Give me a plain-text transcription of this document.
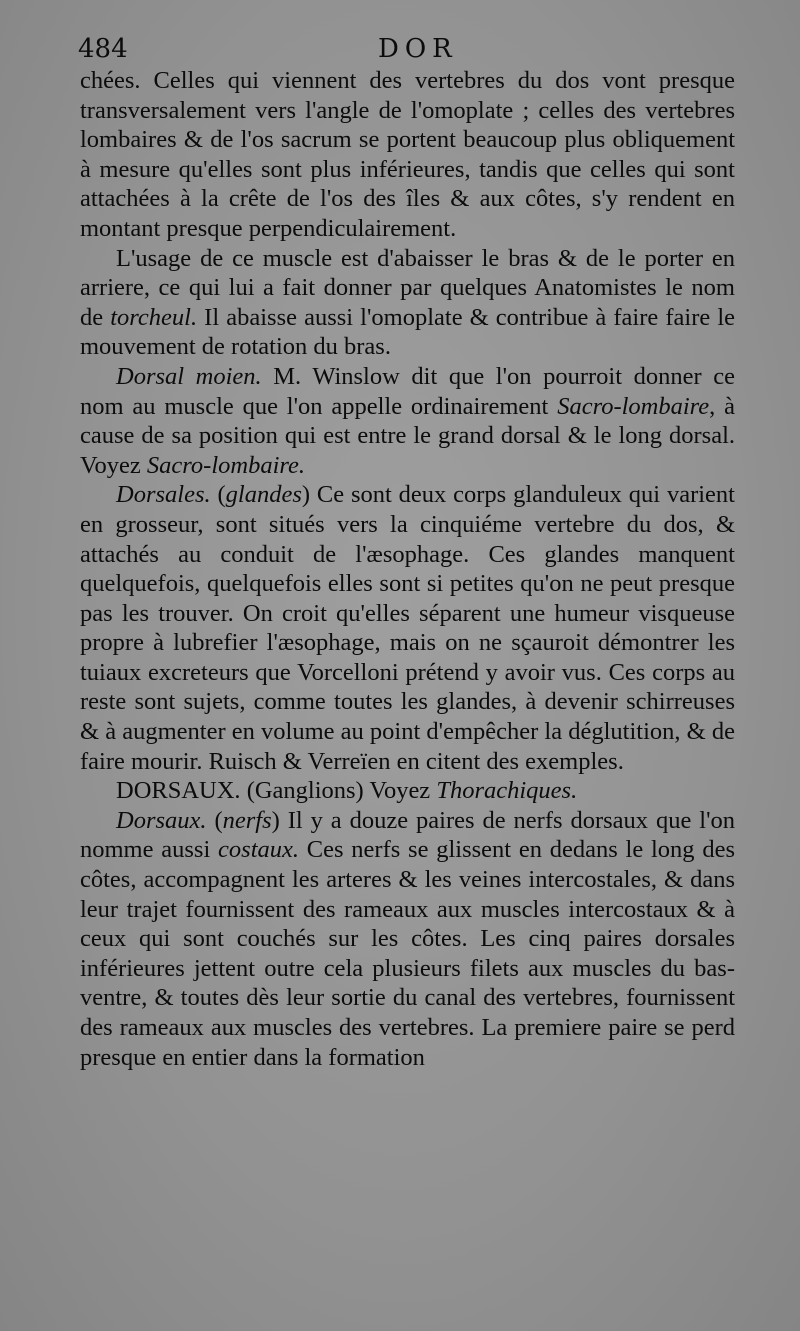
484	DOR

chées. Celles qui viennent des vertebres du dos vont presque transversalement vers l'angle de l'omoplate ; celles des vertebres lombaires & de l'os sacrum se portent beaucoup plus obliquement à mesure qu'elles sont plus inférieures, tandis que celles qui sont attachées à la crête de l'os des îles & aux côtes, s'y rendent en montant presque perpendiculairement.

L'usage de ce muscle est d'abaisser le bras & de le porter en arriere, ce qui lui a fait donner par quelques Anatomistes le nom de torcheul. Il abaisse aussi l'omoplate & contribue à faire faire le mouvement de rotation du bras.

Dorsal moien. M. Winslow dit que l'on pourroit donner ce nom au muscle que l'on appelle ordinairement Sacro-lombaire, à cause de sa position qui est entre le grand dorsal & le long dorsal. Voyez Sacro-lombaire.

Dorsales. (glandes) Ce sont deux corps glanduleux qui varient en grosseur, sont situés vers la cinquiéme vertebre du dos, & attachés au conduit de l'æsophage. Ces glandes manquent quelquefois, quelquefois elles sont si petites qu'on ne peut presque pas les trouver. On croit qu'elles séparent une humeur visqueuse propre à lubrefier l'æsophage, mais on ne sçauroit démontrer les tuiaux excreteurs que Vorcelloni prétend y avoir vus. Ces corps au reste sont sujets, comme toutes les glandes, à devenir schirreuses & à augmenter en volume au point d'empêcher la déglutition, & de faire mourir. Ruisch & Verreïen en citent des exemples.

DORSAUX. (Ganglions) Voyez Thorachiques.

Dorsaux. (nerfs) Il y a douze paires de nerfs dorsaux que l'on nomme aussi costaux. Ces nerfs se glissent en dedans le long des côtes, accompagnent les arteres & les veines intercostales, & dans leur trajet fournissent des rameaux aux muscles intercostaux & à ceux qui sont couchés sur les côtes. Les cinq paires dorsales inférieures jettent outre cela plusieurs filets aux muscles du bas-ventre, & toutes dès leur sortie du canal des vertebres, fournissent des rameaux aux muscles des vertebres. La premiere paire se perd presque en entier dans la formation
